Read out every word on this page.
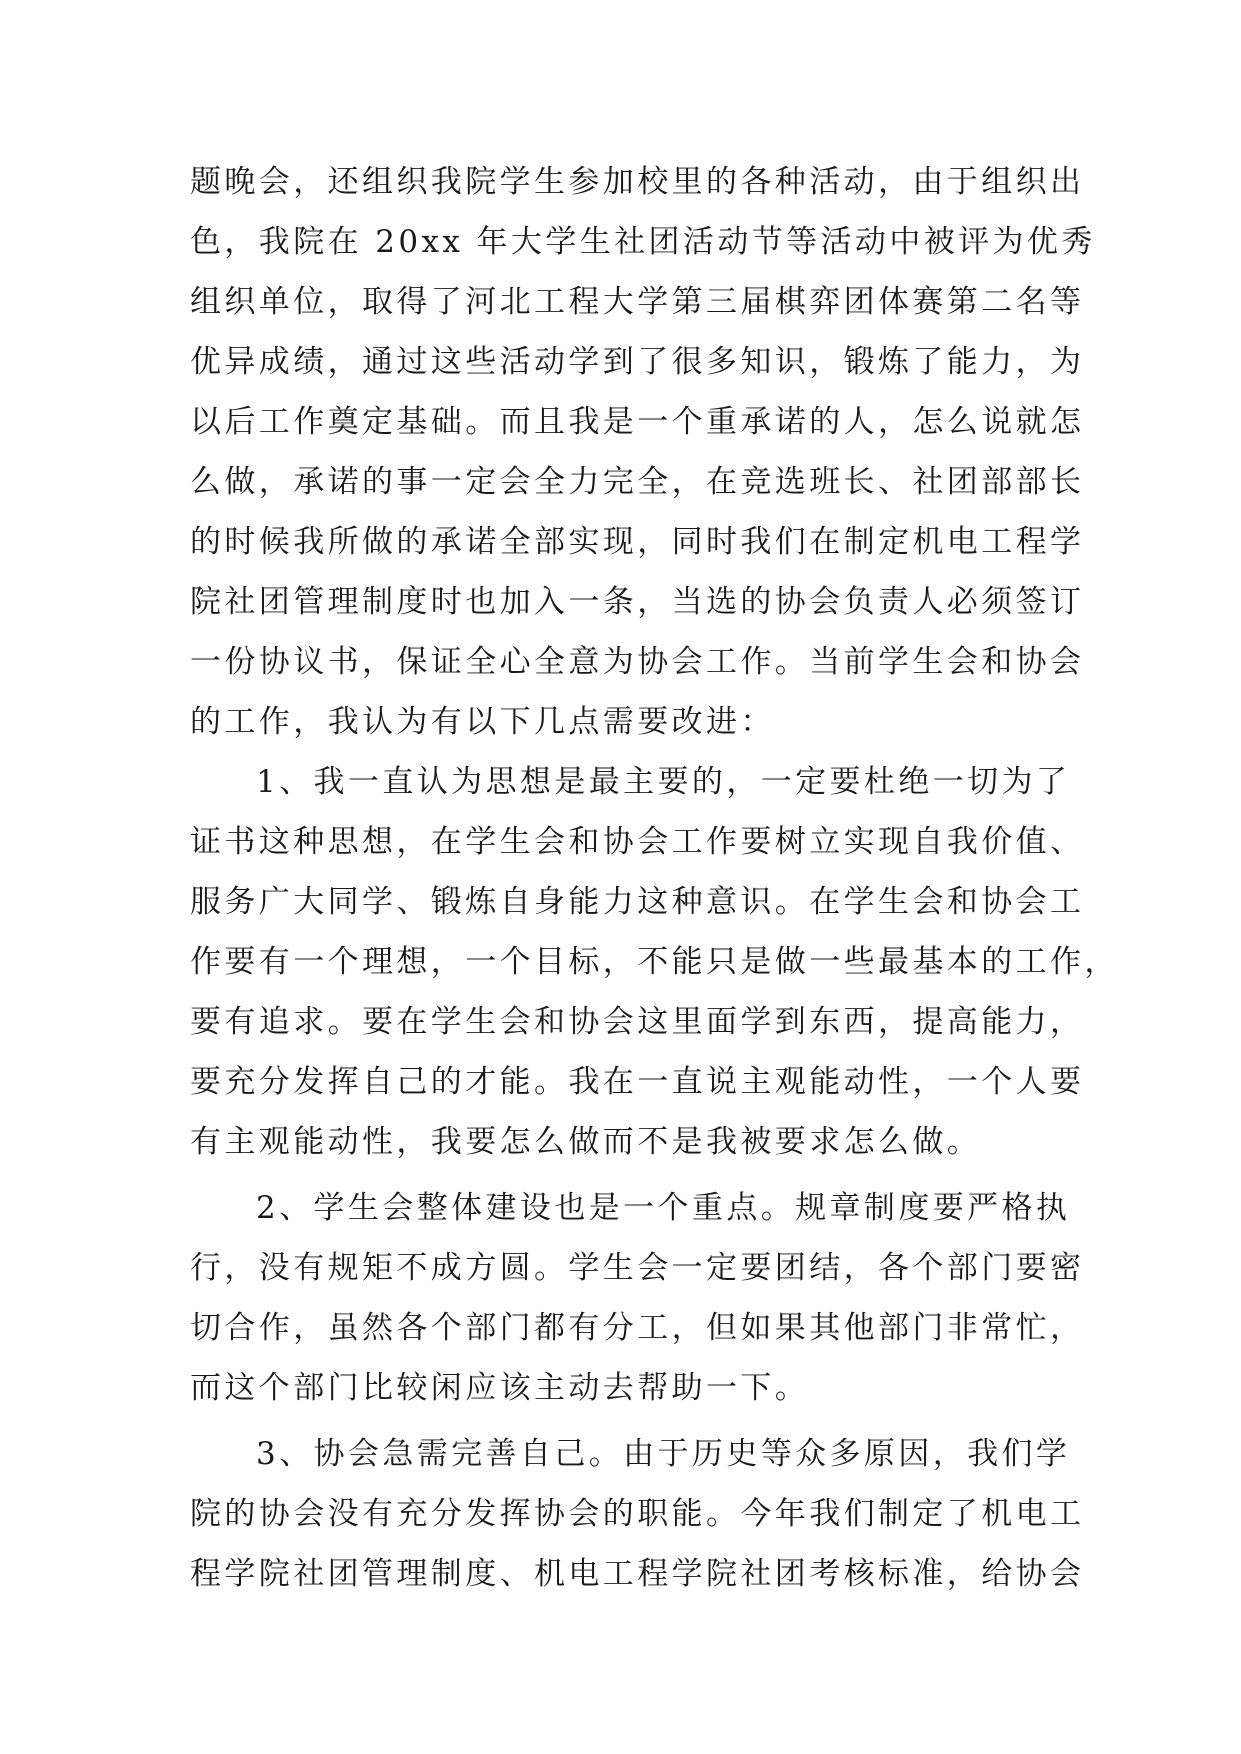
题晚会，还组织我院学生参加校里的各种活动，由于组织出
色，我院在 20xx 年大学生社团活动节等活动中被评为优秀
组织单位，取得了河北工程大学第三届棋弈团体赛第二名等
优异成绩，通过这些活动学到了很多知识，锻炼了能力，为
以后工作奠定基础。而且我是一个重承诺的人，怎么说就怎
么做，承诺的事一定会全力完全，在竞选班长、社团部部长
的时候我所做的承诺全部实现，同时我们在制定机电工程学
院社团管理制度时也加入一条，当选的协会负责人必须签订
一份协议书，保证全心全意为协会工作。当前学生会和协会
的工作，我认为有以下几点需要改进：
1、我一直认为思想是最主要的，一定要杜绝一切为了
证书这种思想，在学生会和协会工作要树立实现自我价值、
服务广大同学、锻炼自身能力这种意识。在学生会和协会工
作要有一个理想，一个目标，不能只是做一些最基本的工作，
要有追求。要在学生会和协会这里面学到东西，提高能力，
要充分发挥自己的才能。我在一直说主观能动性，一个人要
有主观能动性，我要怎么做而不是我被要求怎么做。
2、学生会整体建设也是一个重点。规章制度要严格执
行，没有规矩不成方圆。学生会一定要团结，各个部门要密
切合作，虽然各个部门都有分工，但如果其他部门非常忙，
而这个部门比较闲应该主动去帮助一下。
3、协会急需完善自己。由于历史等众多原因，我们学
院的协会没有充分发挥协会的职能。今年我们制定了机电工
程学院社团管理制度、机电工程学院社团考核标准，给协会
